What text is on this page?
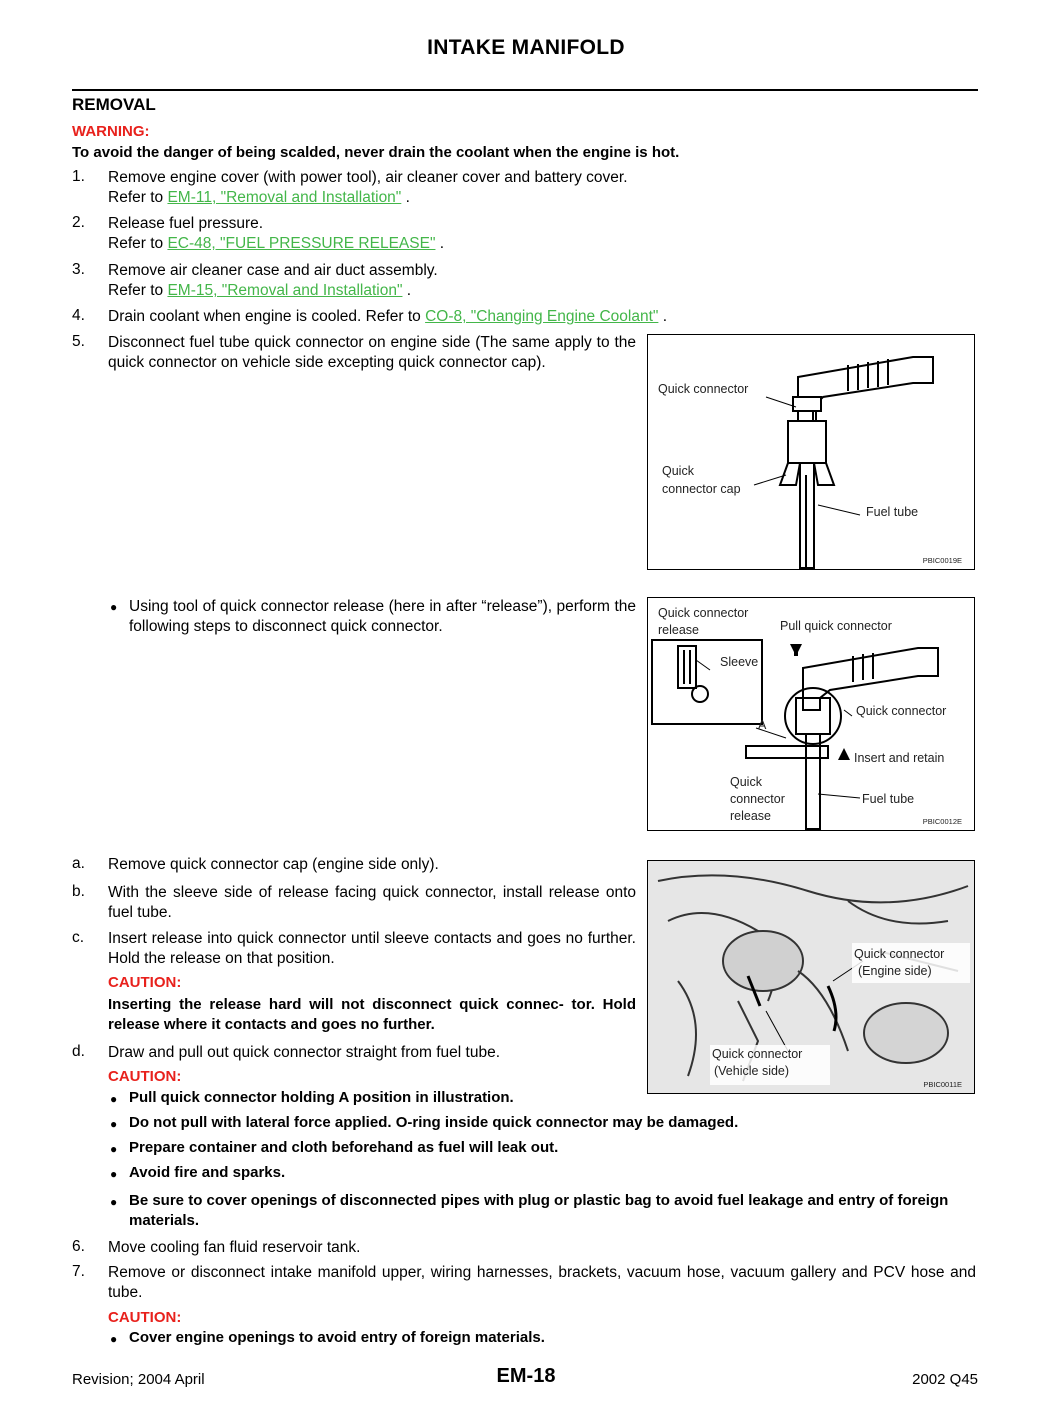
INTAKE MANIFOLD
REMOVAL
WARNING:
To avoid the danger of being scalded, never drain the coolant when the engine is hot.
1. Remove engine cover (with power tool), air cleaner cover and battery cover.
Refer to EM-11, "Removal and Installation" .
2. Release fuel pressure.
Refer to EC-48, "FUEL PRESSURE RELEASE" .
3. Remove air cleaner case and air duct assembly.
Refer to EM-15, "Removal and Installation" .
4. Drain coolant when engine is cooled. Refer to CO-8, "Changing Engine Coolant" .
5. Disconnect fuel tube quick connector on engine side (The same apply to the quick connector on vehicle side excepting quick connector cap).
Quick connector
Quick
connector cap
Fuel tube
PBIC0019E
● Using tool of quick connector release (here in after “release”), perform the following steps to disconnect quick connector.
Quick connector
release
Sleeve
Pull quick connector
Quick connector
A
Insert and retain
Quick
connector
release
Fuel tube
PBIC0012E
a. Remove quick connector cap (engine side only).
b. With the sleeve side of release facing quick connector, install release onto fuel tube.
c. Insert release into quick connector until sleeve contacts and goes no further. Hold the release on that position.
CAUTION:
Inserting the release hard will not disconnect quick connec- tor. Hold release where it contacts and goes no further.
Quick connector
(Engine side)
Quick connector
(Vehicle side)
PBIC0011E
d. Draw and pull out quick connector straight from fuel tube.
CAUTION:
● Pull quick connector holding A position in illustration.
● Do not pull with lateral force applied. O-ring inside quick connector may be damaged.
● Prepare container and cloth beforehand as fuel will leak out.
● Avoid fire and sparks.
● Be sure to cover openings of disconnected pipes with plug or plastic bag to avoid fuel leakage and entry of foreign materials.
6. Move cooling fan fluid reservoir tank.
7. Remove or disconnect intake manifold upper, wiring harnesses, brackets, vacuum hose, vacuum gallery and PCV hose and tube.
CAUTION:
● Cover engine openings to avoid entry of foreign materials.
Revision; 2004 April	EM-18	2002 Q45
